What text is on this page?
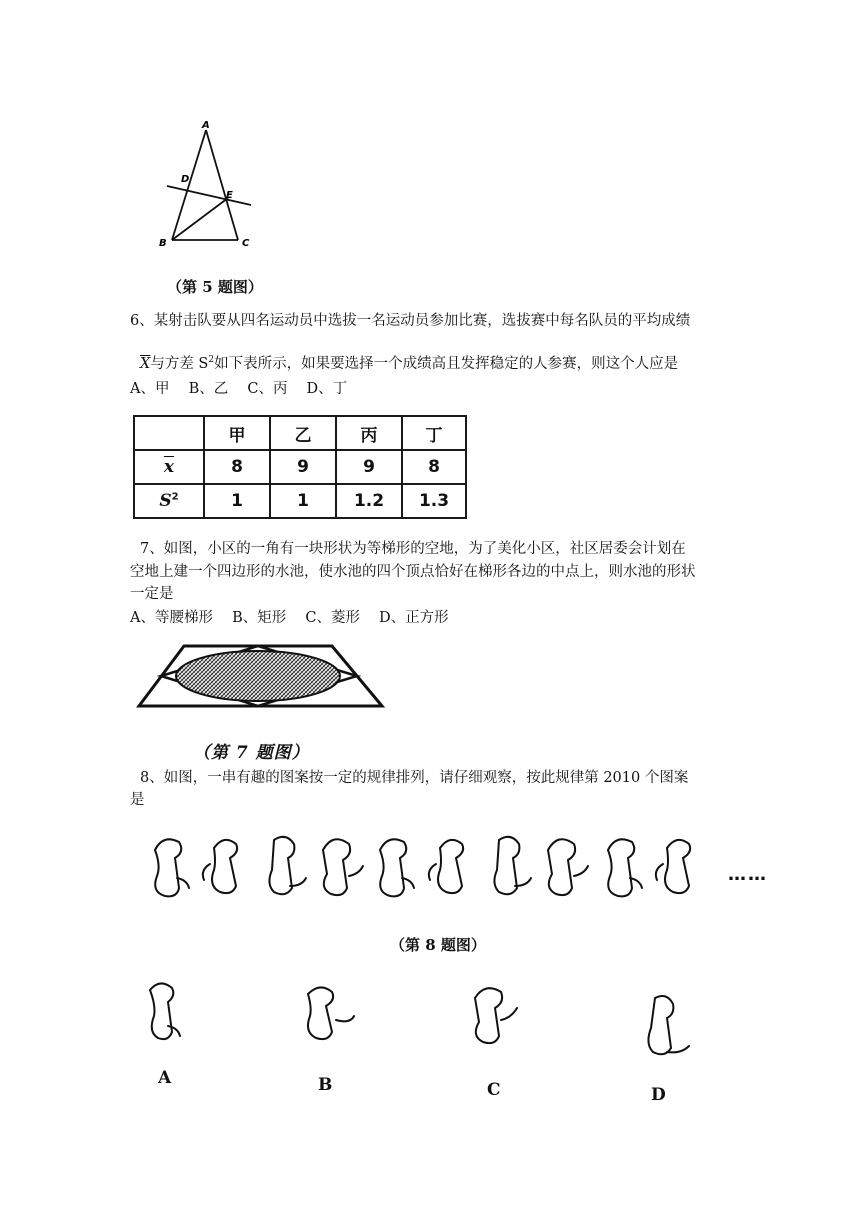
A
D
E
B	C
（第 5 题图）
6、某射击队要从四名运动员中选拔一名运动员参加比赛，选拔赛中每名队员的平均成绩
$\overline{X}$与方差 $S^2$如下表所示，如果要选择一个成绩高且发挥稳定的人参赛，则这个人应是
A、甲　 B、乙　 C、丙　 D、丁
	甲	乙	丙	丁
$\overline{x}$	8	9	9	8
$S^2$	1	1	1.2	1.3
7、如图，小区的一角有一块形状为等梯形的空地，为了美化小区，社区居委会计划在
空地上建一个四边形的水池，使水池的四个顶点恰好在梯形各边的中点上，则水池的形状
一定是
A、等腰梯形　 B、矩形　 C、菱形　 D、正方形
（第 7 题图）
8、如图，一串有趣的图案按一定的规律排列，请仔细观察，按此规律第 2010 个图案
是
……
（第 8 题图）
A	B	C	D
